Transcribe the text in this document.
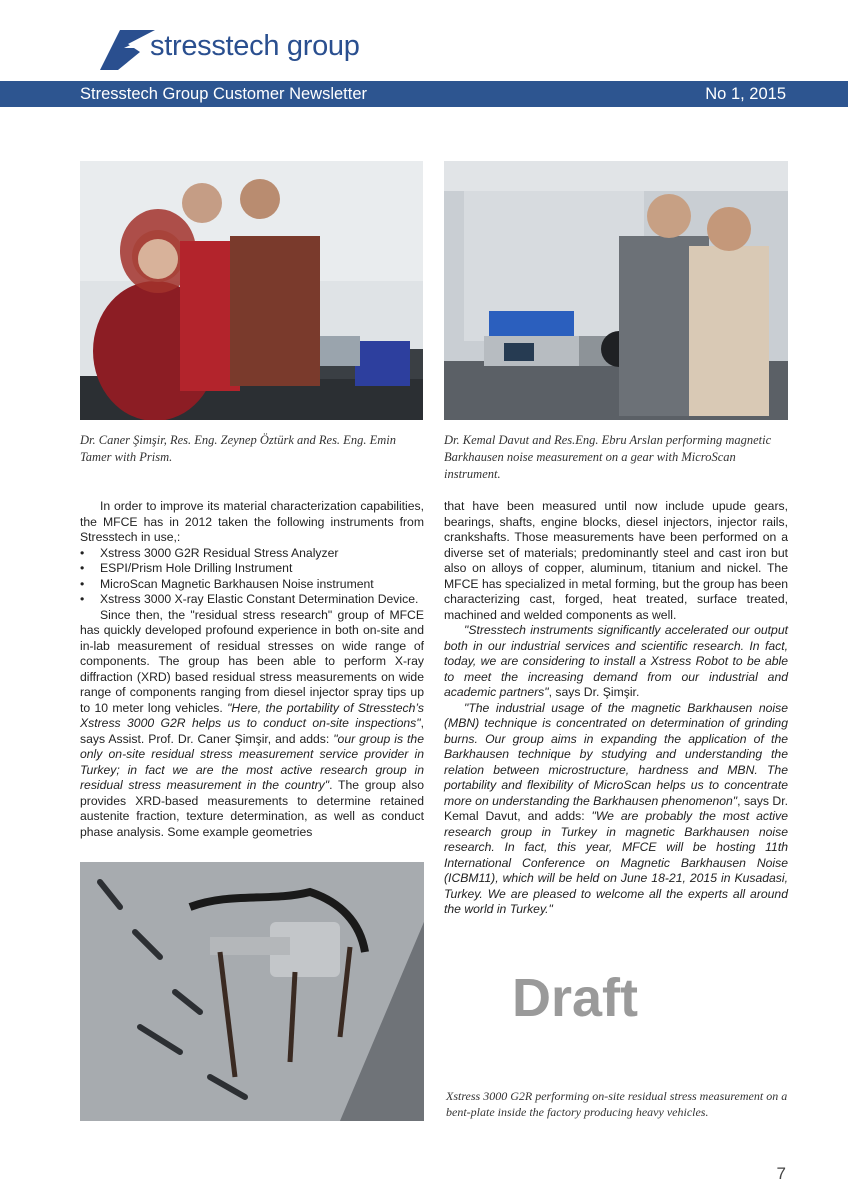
stresstech group
Stresstech Group Customer Newsletter	No 1, 2015
Dr. Caner Şimşir, Res. Eng. Zeynep Öztürk and Res. Eng. Emin Tamer with Prism.
Dr. Kemal Davut and Res.Eng. Ebru Arslan performing magnetic Barkhausen noise measurement on a gear with MicroScan instrument.

In order to improve its material characterization capabilities, the MFCE has in 2012 taken the following instruments from Stresstech in use,:

• Xstress 3000 G2R Residual Stress Analyzer
• ESPI/Prism Hole Drilling Instrument
• MicroScan Magnetic Barkhausen Noise instrument
• Xstress 3000 X-ray Elastic Constant Determination Device.

Since then, the "residual stress research" group of MFCE has quickly developed profound experience in both on-site and in-lab measurement of residual stresses on wide range of components. The group has been able to perform X-ray diffraction (XRD) based residual stress measurements on wide range of components ranging from diesel injector spray tips up to 10 meter long vehicles. "Here, the portability of Stresstech’s Xstress 3000 G2R helps us to conduct on-site inspections", says Assist. Prof. Dr. Caner Şimşir, and adds: "our group is the only on-site residual stress measurement service provider in Turkey; in fact we are the most active research group in residual stress measurement in the country". The group also provides XRD-based measurements to determine retained austenite fraction, texture determination, as well as conduct phase analysis. Some example geometries

that have been measured until now include upude gears, bearings, shafts, engine blocks, diesel injectors, injector rails, crankshafts. Those measurements have been performed on a diverse set of materials; predominantly steel and cast iron but also on alloys of copper, aluminum, titanium and nickel. The MFCE has specialized in metal forming, but the group has been characterizing cast, forged, heat treated, surface treated, machined and welded components as well.

"Stresstech instruments significantly accelerated our output both in our industrial services and scientific research. In fact, today, we are considering to install a Xstress Robot to be able to meet the increasing demand from our industrial and academic partners", says Dr. Şimşir.

"The industrial usage of the magnetic Barkhausen noise (MBN) technique is concentrated on determination of grinding burns. Our group aims in expanding the application of the Barkhausen technique by studying and understanding the relation between microstructure, hardness and MBN. The portability and flexibility of MicroScan helps us to concentrate more on understanding the Barkhausen phenomenon", says Dr. Kemal Davut, and adds: "We are probably the most active research group in Turkey in magnetic Barkhausen noise research. In fact, this year, MFCE will be hosting 11th International Conference on Magnetic Barkhausen Noise (ICBM11), which will be held on June 18-21, 2015 in Kusadasi, Turkey. We are pleased to welcome all the experts all around the world in Turkey."

Draft
Xstress 3000 G2R performing on-site residual stress measurement on a bent-plate inside the factory producing heavy vehicles.
7
